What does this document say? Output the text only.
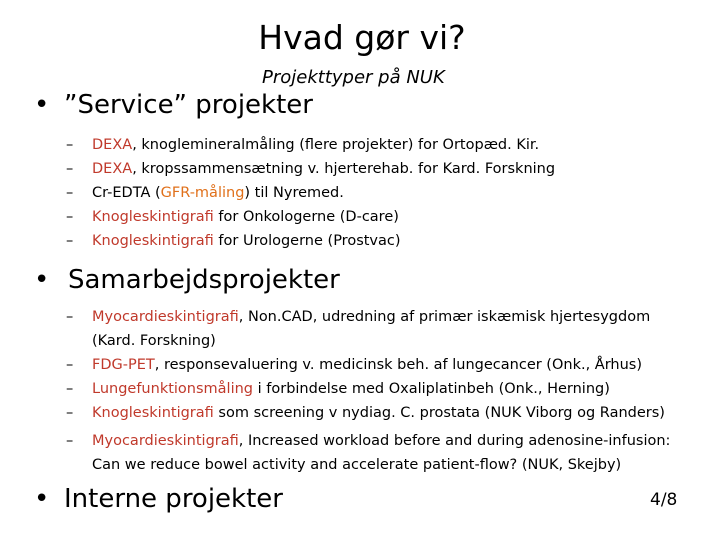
Hvad gør vi?
Projekttyper på NUK
• ”Service” projekter
– DEXA, knoglemineralmåling (flere projekter) for Ortopæd. Kir.
– DEXA, kropssammensætning v. hjerterehab. for Kard. Forskning
– Cr-EDTA (GFR-måling) til Nyremed.
– Knogleskintigrafi for Onkologerne (D-care)
– Knogleskintigrafi for Urologerne (Prostvac)
• Samarbejdsprojekter
– Myocardieskintigrafi, Non.CAD, udredning af primær iskæmisk hjertesygdom
(Kard. Forskning)
– FDG-PET, responsevaluering v. medicinsk beh. af lungecancer (Onk., Århus)
– Lungefunktionsmåling i forbindelse med Oxaliplatinbeh (Onk., Herning)
– Knogleskintigrafi som screening v nydiag. C. prostata (NUK Viborg og Randers)
– Myocardieskintigrafi, Increased workload before and during adenosine-infusion:
Can we reduce bowel activity and accelerate patient-flow? (NUK, Skejby)
• Interne projekter	4/8
